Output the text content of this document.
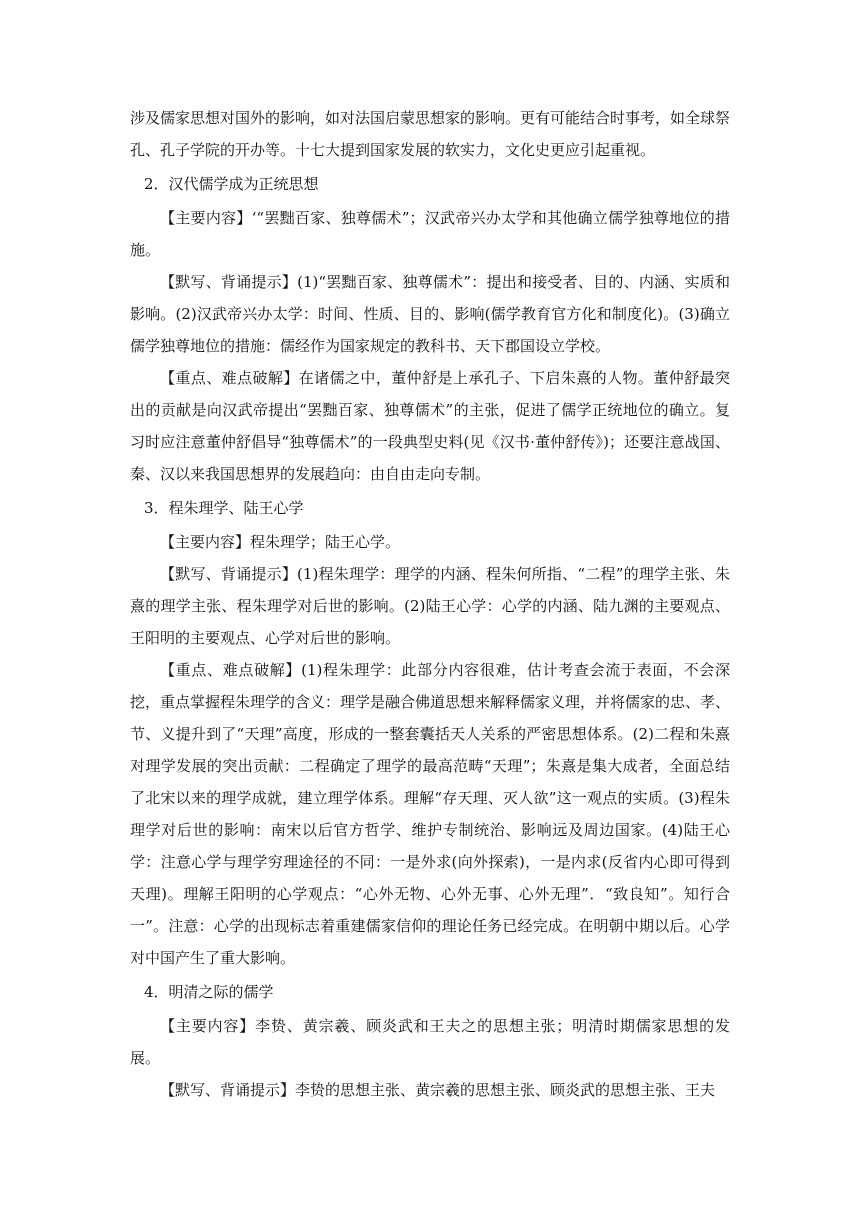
涉及儒家思想对国外的影响，如对法国启蒙思想家的影响。更有可能结合时事考，如全球祭孔、孔子学院的开办等。十七大提到国家发展的软实力，文化史更应引起重视。

2．汉代儒学成为正统思想

【主要内容】‘“罢黜百家、独尊儒术”；汉武帝兴办太学和其他确立儒学独尊地位的措施。

【默写、背诵提示】(1)“罢黜百家、独尊儒术”：提出和接受者、目的、内涵、实质和影响。(2)汉武帝兴办太学：时间、性质、目的、影响(儒学教育官方化和制度化)。(3)确立儒学独尊地位的措施：儒经作为国家规定的教科书、天下郡国设立学校。

【重点、难点破解】在诸儒之中，董仲舒是上承孔子、下启朱熹的人物。董仲舒最突出的贡献是向汉武帝提出“罢黜百家、独尊儒术”的主张，促进了儒学正统地位的确立。复习时应注意董仲舒倡导“独尊儒术”的一段典型史料(见《汉书·董仲舒传》)；还要注意战国、秦、汉以来我国思想界的发展趋向：由自由走向专制。

3．程朱理学、陆王心学

【主要内容】程朱理学；陆王心学。

【默写、背诵提示】(1)程朱理学：理学的内涵、程朱何所指、“二程”的理学主张、朱熹的理学主张、程朱理学对后世的影响。(2)陆王心学：心学的内涵、陆九渊的主要观点、王阳明的主要观点、心学对后世的影响。

【重点、难点破解】(1)程朱理学：此部分内容很难，估计考查会流于表面，不会深挖，重点掌握程朱理学的含义：理学是融合佛道思想来解释儒家义理，并将儒家的忠、孝、节、义提升到了“天理”高度，形成的一整套囊括天人关系的严密思想体系。(2)二程和朱熹对理学发展的突出贡献：二程确定了理学的最高范畴“天理”；朱熹是集大成者，全面总结了北宋以来的理学成就，建立理学体系。理解“存天理、灭人欲”这一观点的实质。(3)程朱理学对后世的影响：南宋以后官方哲学、维护专制统治、影响远及周边国家。(4)陆王心学：注意心学与理学穷理途径的不同：一是外求(向外探索)，一是内求(反省内心即可得到天理)。理解王阳明的心学观点：“心外无物、心外无事、心外无理”．“致良知”。知行合一”。注意：心学的出现标志着重建儒家信仰的理论任务已经完成。在明朝中期以后。心学对中国产生了重大影响。

4．明清之际的儒学

【主要内容】李贽、黄宗羲、顾炎武和王夫之的思想主张；明清时期儒家思想的发展。

【默写、背诵提示】李贽的思想主张、黄宗羲的思想主张、顾炎武的思想主张、王夫
